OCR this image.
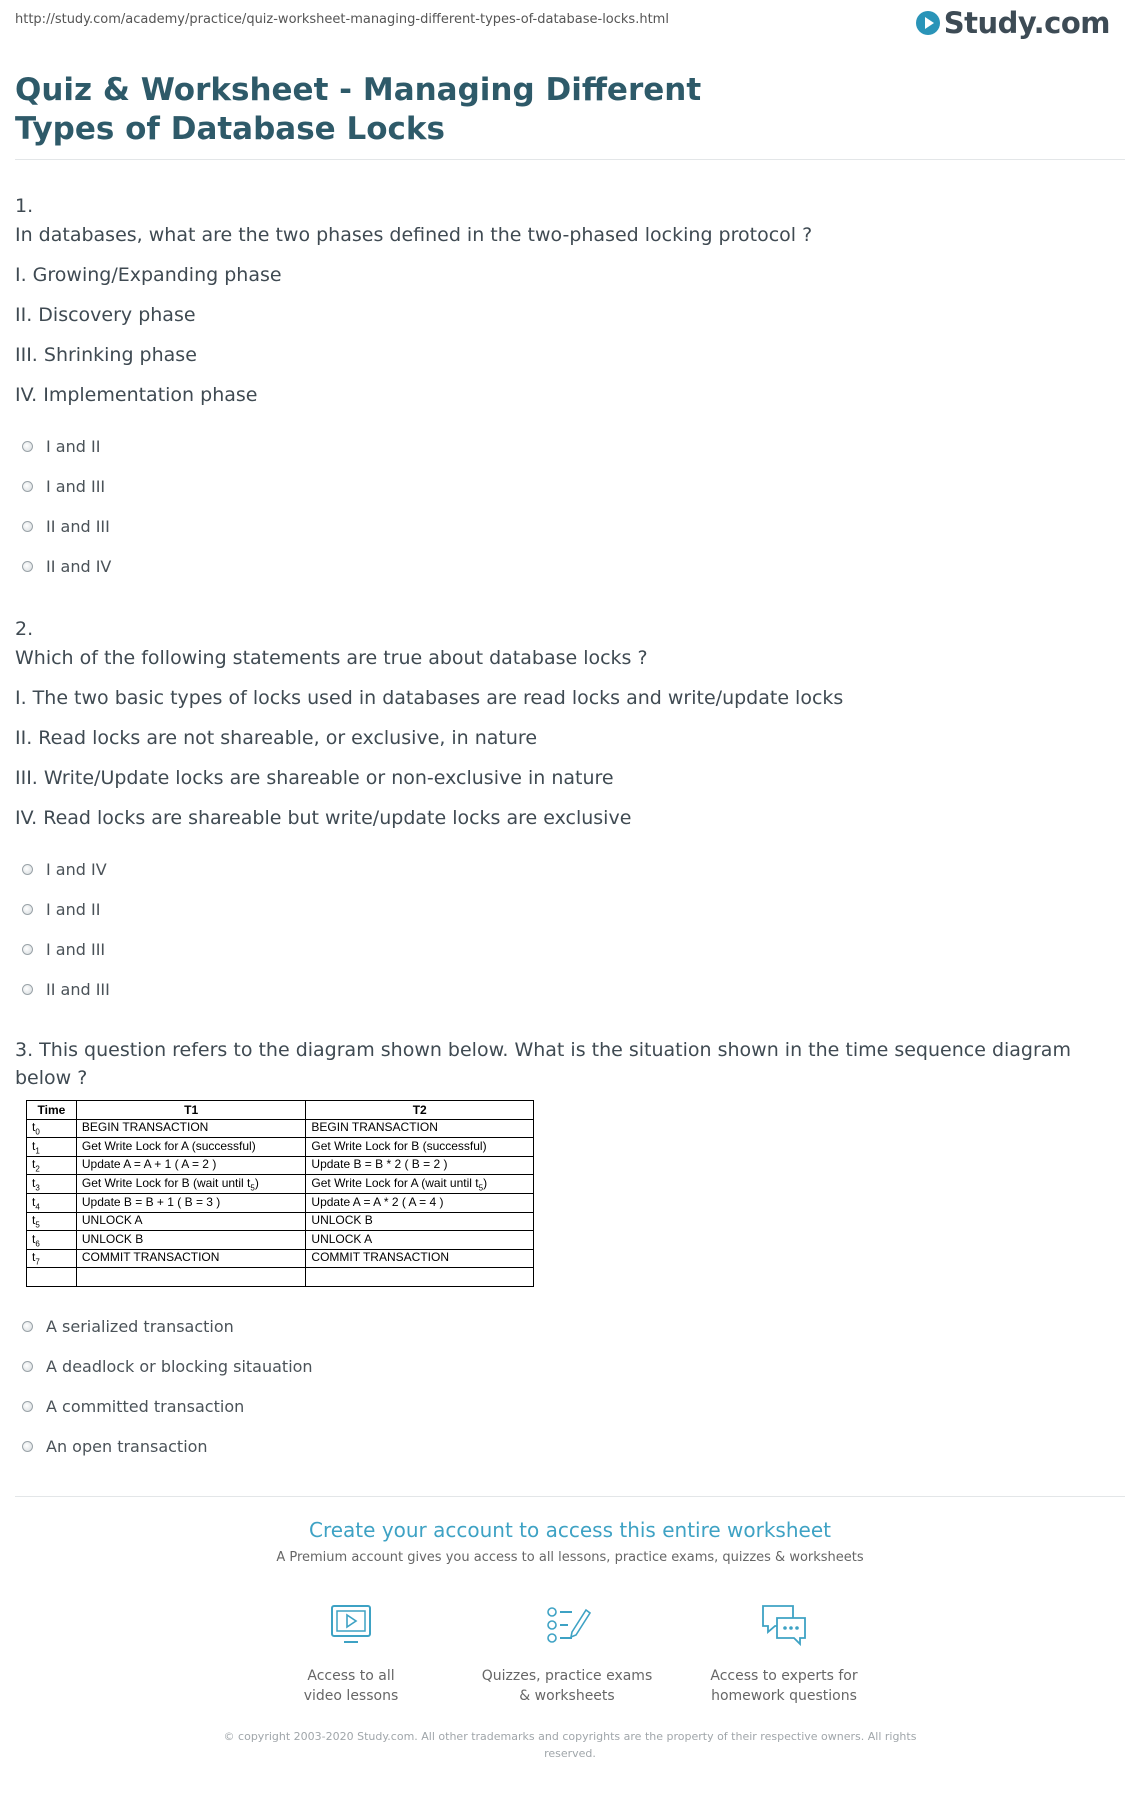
http://study.com/academy/practice/quiz-worksheet-managing-different-types-of-database-locks.html	Study.com
Quiz & Worksheet - Managing Different Types of Database Locks
1.
In databases, what are the two phases defined in the two-phased locking protocol ?
I. Growing/Expanding phase
II. Discovery phase
III. Shrinking phase
IV. Implementation phase
I and II
I and III
II and III
II and IV
2.
Which of the following statements are true about database locks ?
I. The two basic types of locks used in databases are read locks and write/update locks
II. Read locks are not shareable, or exclusive, in nature
III. Write/Update locks are shareable or non-exclusive in nature
IV. Read locks are shareable but write/update locks are exclusive
I and IV
I and II
I and III
II and III
3. This question refers to the diagram shown below. What is the situation shown in the time sequence diagram below ?
Time	T1	T2
$t_0$	BEGIN TRANSACTION	BEGIN TRANSACTION
$t_1$	Get Write Lock for A (successful)	Get Write Lock for B (successful)
$t_2$	Update A = A + 1 ( A = 2 )	Update B = B * 2 ( B = 2 )
$t_3$	Get Write Lock for B (wait until $t_5$)	Get Write Lock for A (wait until $t_5$)
$t_4$	Update B = B + 1 ( B = 3 )	Update A = A * 2 ( A = 4 )
$t_5$	UNLOCK A	UNLOCK B
$t_6$	UNLOCK B	UNLOCK A
$t_7$	COMMIT TRANSACTION	COMMIT TRANSACTION

A serialized transaction
A deadlock or blocking sitauation
A committed transaction
An open transaction
Create your account to access this entire worksheet
A Premium account gives you access to all lessons, practice exams, quizzes & worksheets
Access to all
video lessons
Quizzes, practice exams
& worksheets
Access to experts for
homework questions
© copyright 2003-2020 Study.com. All other trademarks and copyrights are the property of their respective owners. All rights reserved.
